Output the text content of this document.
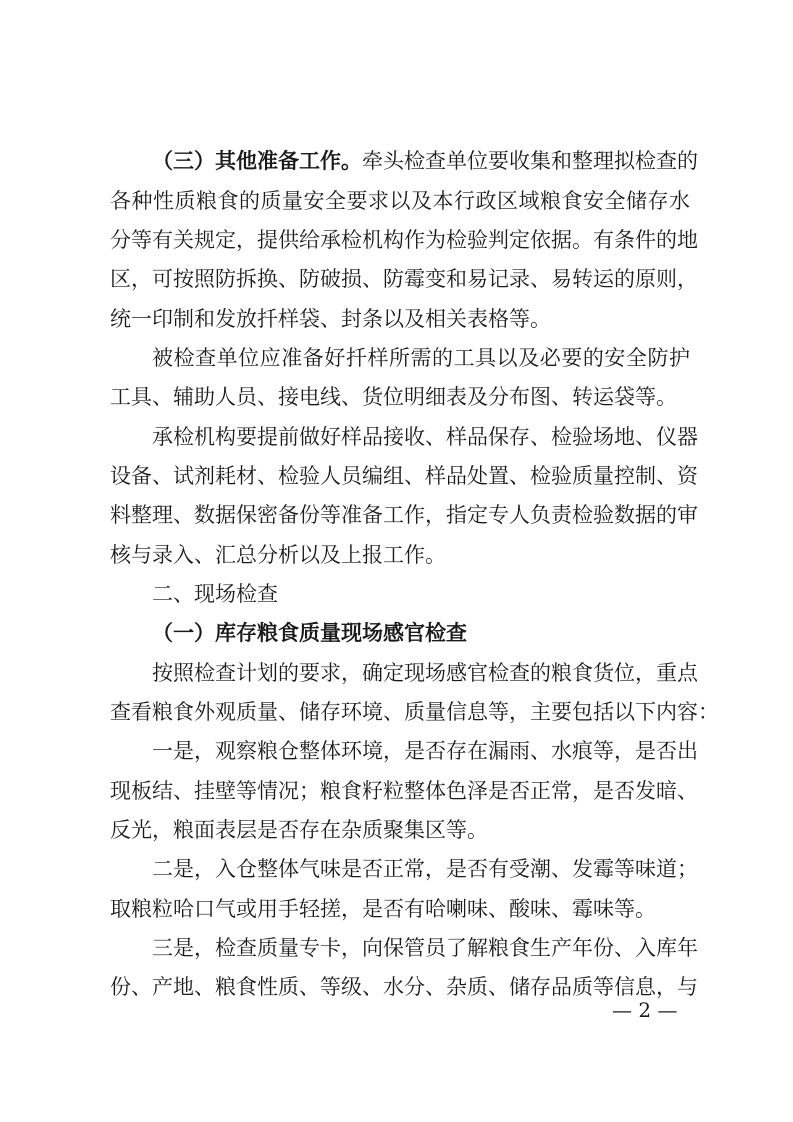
（三）其他准备工作。牵头检查单位要收集和整理拟检查的
各种性质粮食的质量安全要求以及本行政区域粮食安全储存水
分等有关规定，提供给承检机构作为检验判定依据。有条件的地
区，可按照防拆换、防破损、防霉变和易记录、易转运的原则，
统一印制和发放扦样袋、封条以及相关表格等。
被检查单位应准备好扦样所需的工具以及必要的安全防护
工具、辅助人员、接电线、货位明细表及分布图、转运袋等。
承检机构要提前做好样品接收、样品保存、检验场地、仪器
设备、试剂耗材、检验人员编组、样品处置、检验质量控制、资
料整理、数据保密备份等准备工作，指定专人负责检验数据的审
核与录入、汇总分析以及上报工作。
二、现场检查
（一）库存粮食质量现场感官检查
按照检查计划的要求，确定现场感官检查的粮食货位，重点
查看粮食外观质量、储存环境、质量信息等，主要包括以下内容：
一是，观察粮仓整体环境，是否存在漏雨、水痕等，是否出
现板结、挂壁等情况；粮食籽粒整体色泽是否正常，是否发暗、
反光，粮面表层是否存在杂质聚集区等。
二是，入仓整体气味是否正常，是否有受潮、发霉等味道；
取粮粒哈口气或用手轻搓，是否有哈喇味、酸味、霉味等。
三是，检查质量专卡，向保管员了解粮食生产年份、入库年
份、产地、粮食性质、等级、水分、杂质、储存品质等信息，与
— 2 —
